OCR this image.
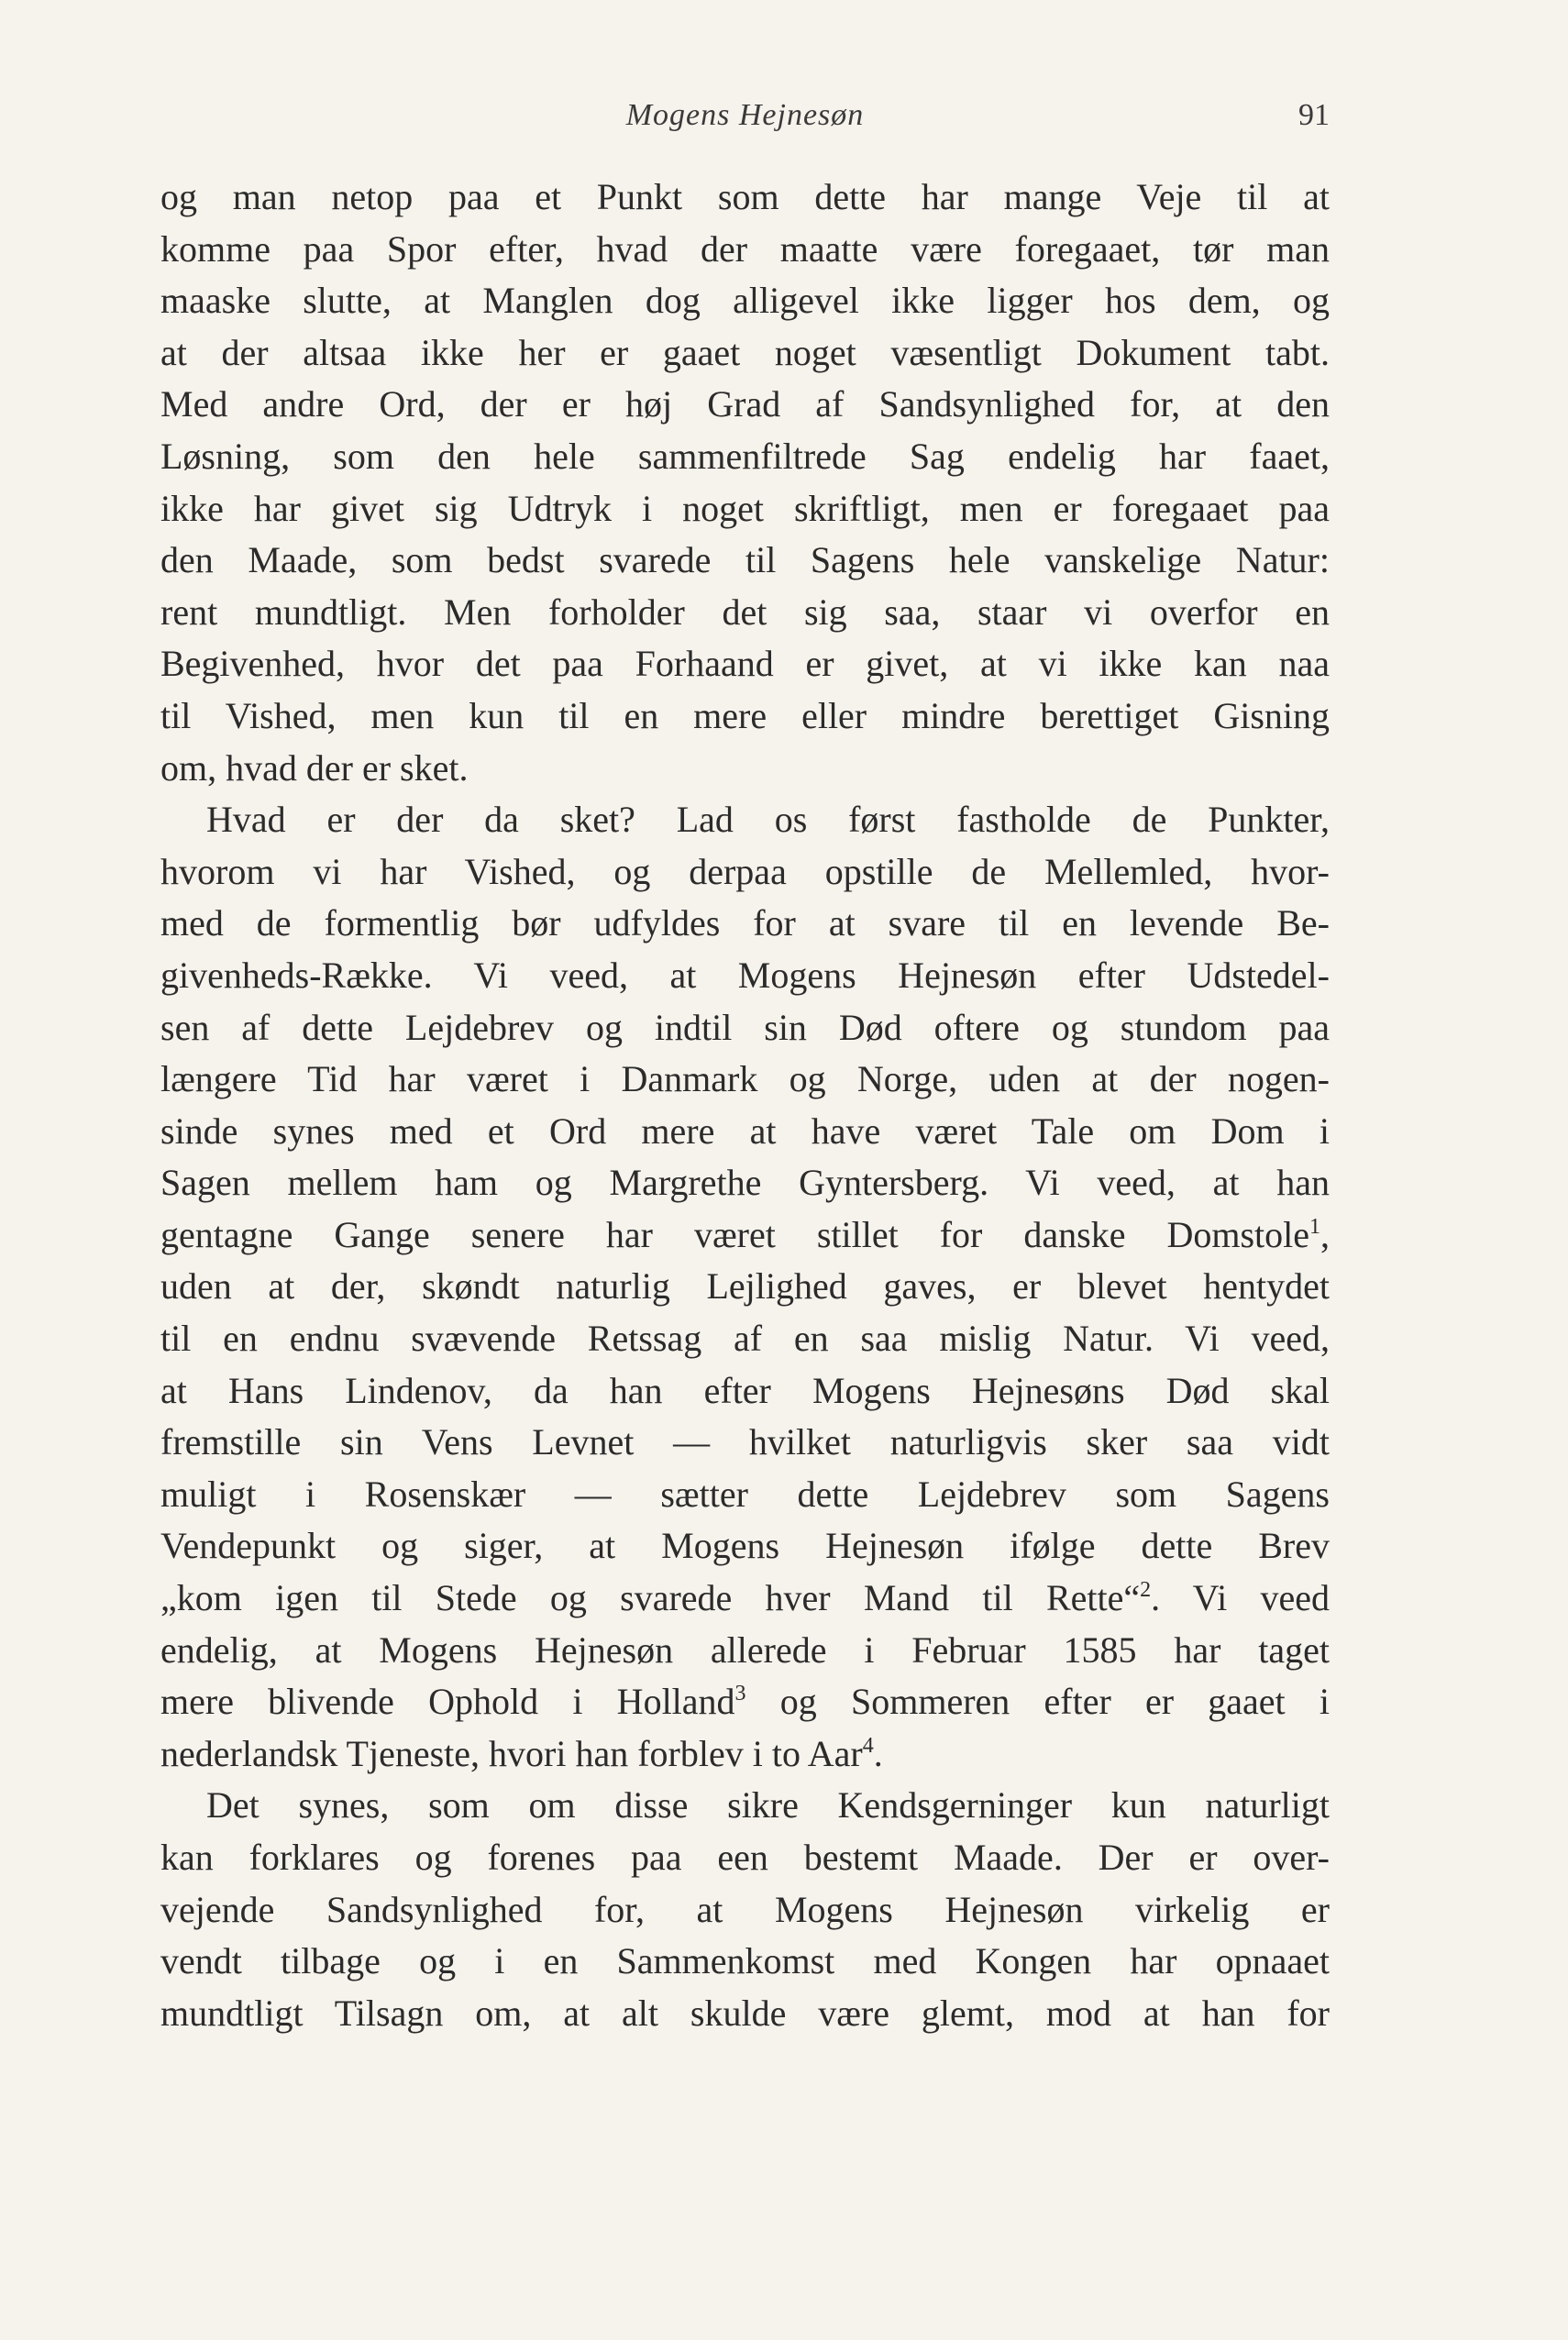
Mogens Hejnesøn	91
og man netop paa et Punkt som dette har mange Veje til at
komme paa Spor efter, hvad der maatte være foregaaet, tør man
maaske slutte, at Manglen dog alligevel ikke ligger hos dem, og
at der altsaa ikke her er gaaet noget væsentligt Dokument tabt.
Med andre Ord, der er høj Grad af Sandsynlighed for, at den
Løsning, som den hele sammenfiltrede Sag endelig har faaet,
ikke har givet sig Udtryk i noget skriftligt, men er foregaaet paa
den Maade, som bedst svarede til Sagens hele vanskelige Natur:
rent mundtligt. Men forholder det sig saa, staar vi overfor en
Begivenhed, hvor det paa Forhaand er givet, at vi ikke kan naa
til Vished, men kun til en mere eller mindre berettiget Gisning
om, hvad der er sket.
Hvad er der da sket? Lad os først fastholde de Punkter,
hvorom vi har Vished, og derpaa opstille de Mellemled, hvor-
med de formentlig bør udfyldes for at svare til en levende Be-
givenheds-Række. Vi veed, at Mogens Hejnesøn efter Udstedel-
sen af dette Lejdebrev og indtil sin Død oftere og stundom paa
længere Tid har været i Danmark og Norge, uden at der nogen-
sinde synes med et Ord mere at have været Tale om Dom i
Sagen mellem ham og Margrethe Gyntersberg. Vi veed, at han
gentagne Gange senere har været stillet for danske Domstole$^1$,
uden at der, skøndt naturlig Lejlighed gaves, er blevet hentydet
til en endnu svævende Retssag af en saa mislig Natur. Vi veed,
at Hans Lindenov, da han efter Mogens Hejnesøns Død skal
fremstille sin Vens Levnet — hvilket naturligvis sker saa vidt
muligt i Rosenskær — sætter dette Lejdebrev som Sagens
Vendepunkt og siger, at Mogens Hejnesøn ifølge dette Brev
„kom igen til Stede og svarede hver Mand til Rette“$^2$. Vi veed
endelig, at Mogens Hejnesøn allerede i Februar 1585 har taget
mere blivende Ophold i Holland$^3$ og Sommeren efter er gaaet i
nederlandsk Tjeneste, hvori han forblev i to Aar$^4$.
Det synes, som om disse sikre Kendsgerninger kun naturligt
kan forklares og forenes paa een bestemt Maade. Der er over-
vejende Sandsynlighed for, at Mogens Hejnesøn virkelig er
vendt tilbage og i en Sammenkomst med Kongen har opnaaet
mundtligt Tilsagn om, at alt skulde være glemt, mod at han for
